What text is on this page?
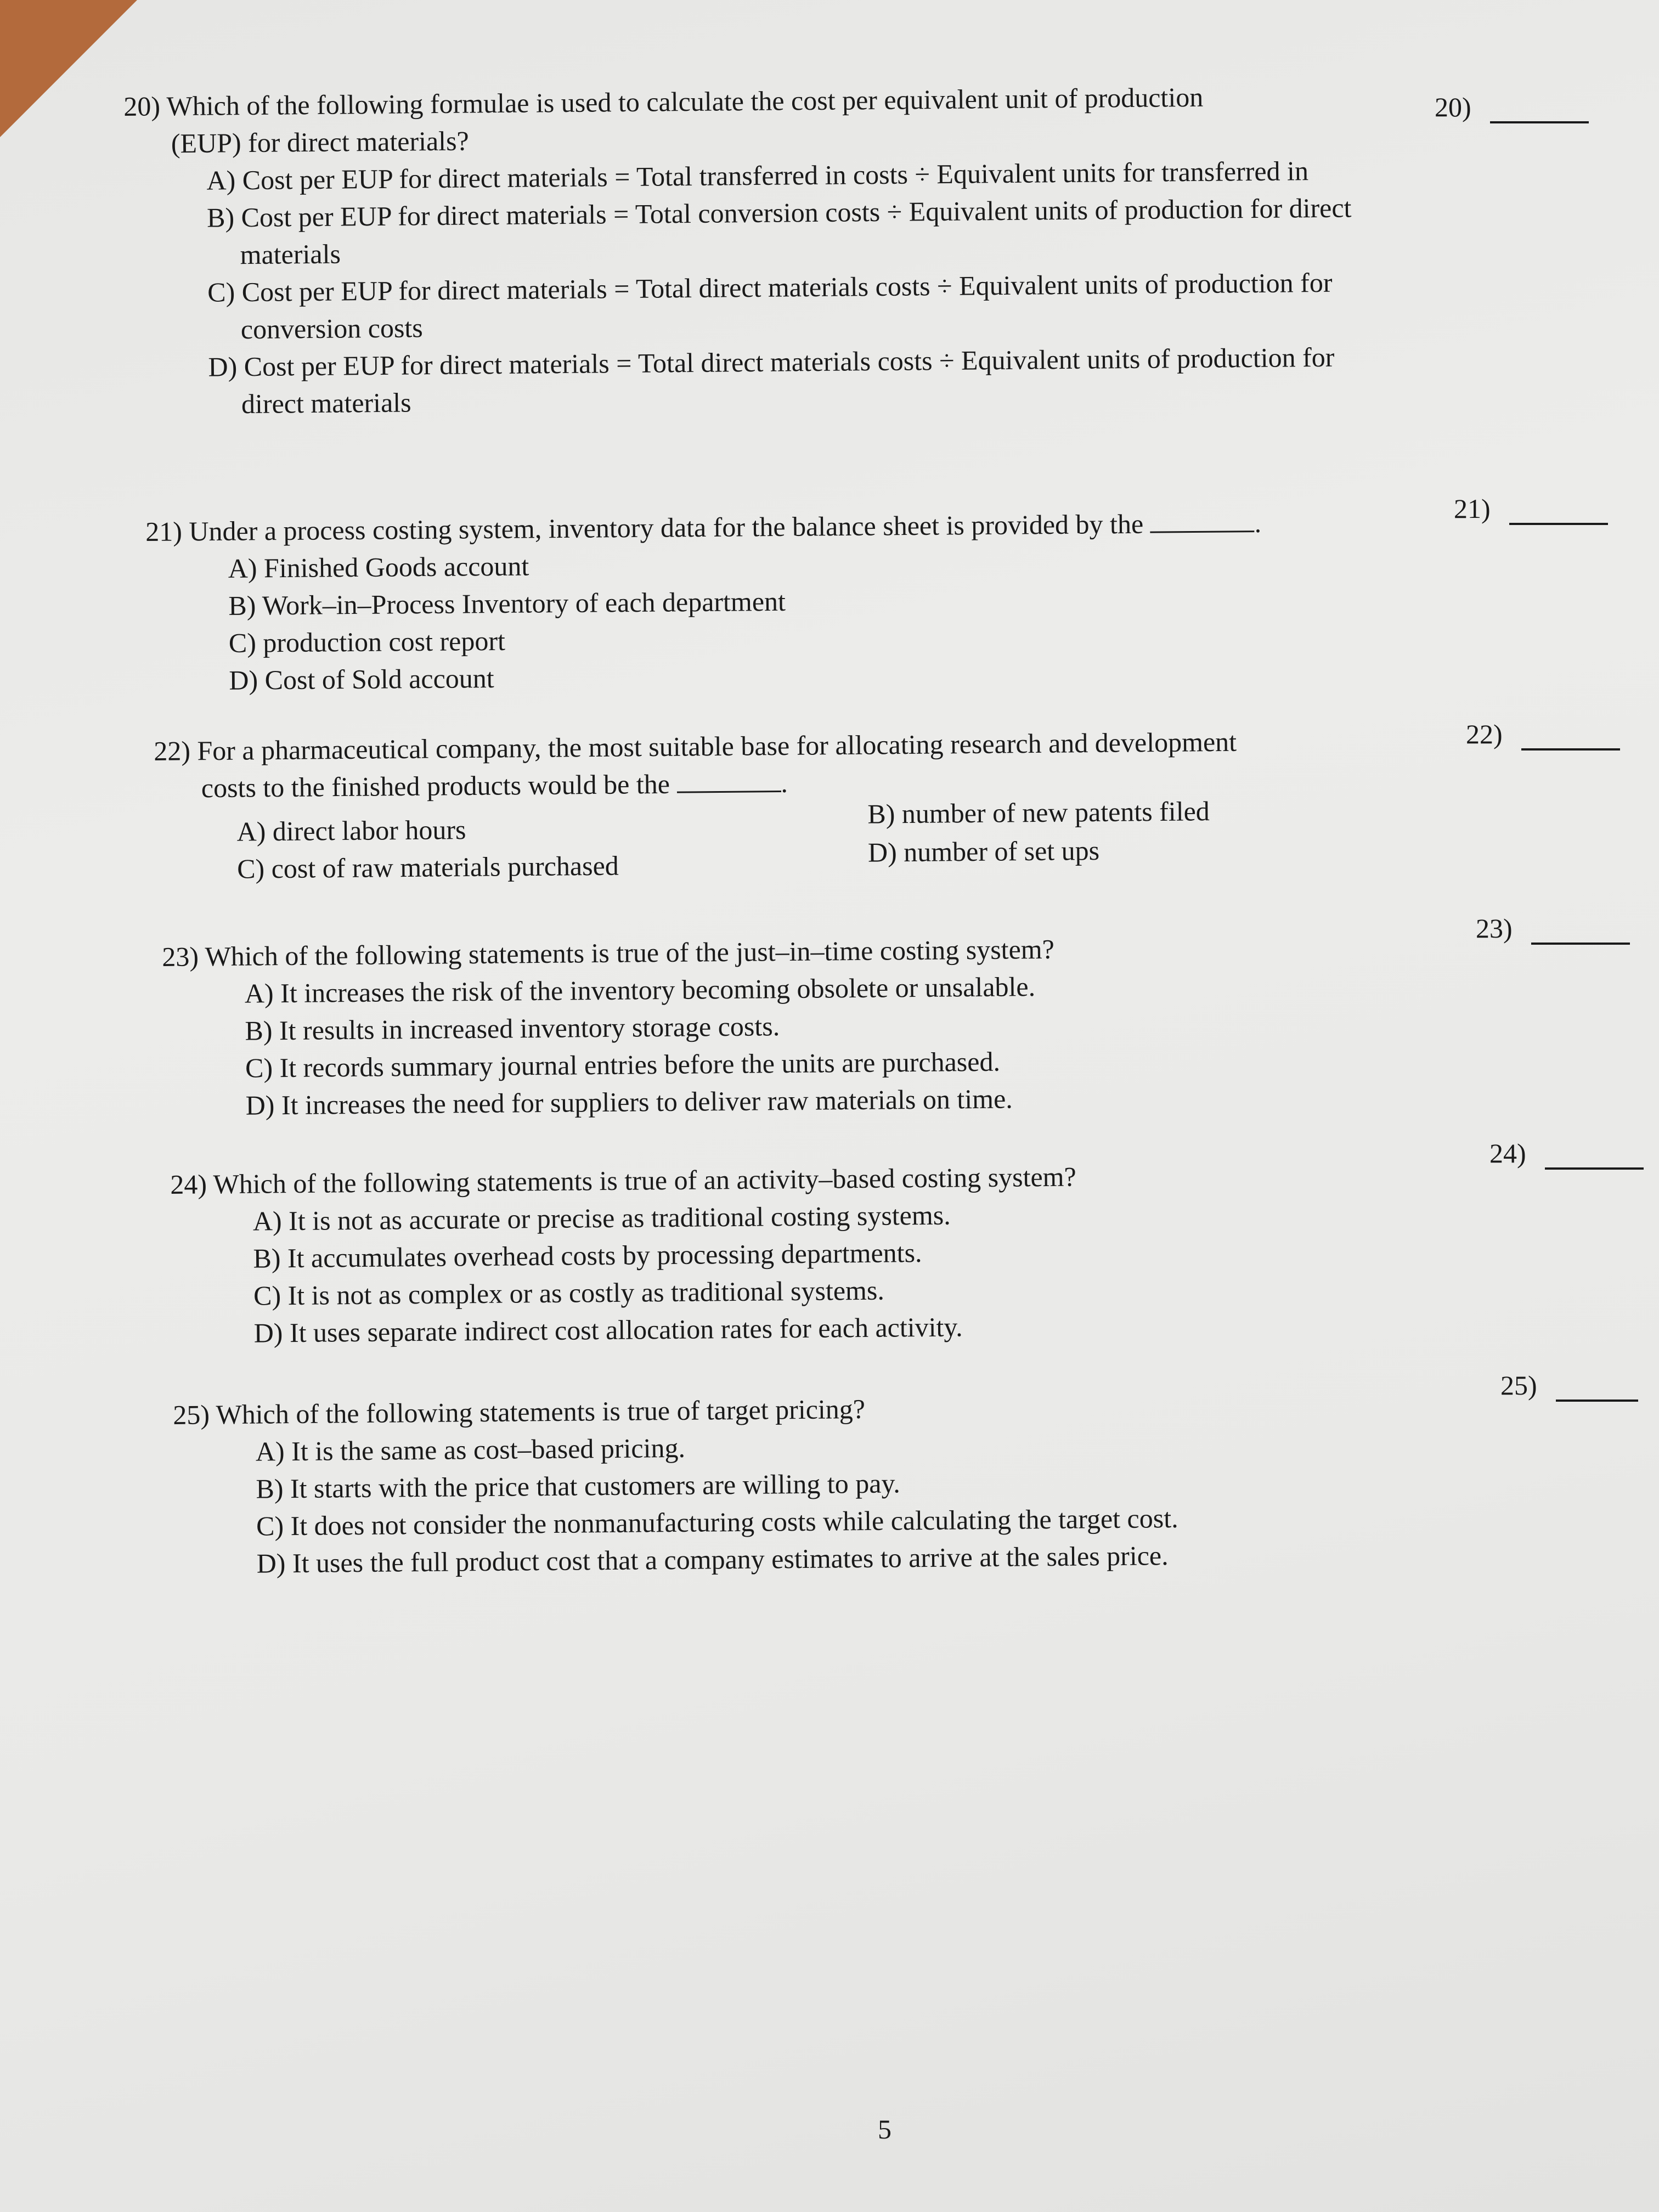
20) Which of the following formulae is used to calculate the cost per equivalent unit of production
(EUP) for direct materials?

A) Cost per EUP for direct materials = Total transferred in costs ÷ Equivalent units for transferred in

B) Cost per EUP for direct materials = Total conversion costs ÷ Equivalent units of production for direct materials

C) Cost per EUP for direct materials = Total direct materials costs ÷ Equivalent units of production for conversion costs

D) Cost per EUP for direct materials = Total direct materials costs ÷ Equivalent units of production for direct materials

20)

21) Under a process costing system, inventory data for the balance sheet is provided by the	.

A) Finished Goods account

B) Work–in–Process Inventory of each department

C) production cost report

D) Cost of Sold account

21)

22) For a pharmaceutical company, the most suitable base for allocating research and development
costs to the finished products would be the	.

A) direct labor hours

B) number of new patents filed

C) cost of raw materials purchased	D) number of set ups

22)

23) Which of the following statements is true of the just–in–time costing system?

A) It increases the risk of the inventory becoming obsolete or unsalable.

B) It results in increased inventory storage costs.

C) It records summary journal entries before the units are purchased.

D) It increases the need for suppliers to deliver raw materials on time.

23)

24) Which of the following statements is true of an activity–based costing system?

A) It is not as accurate or precise as traditional costing systems.

B) It accumulates overhead costs by processing departments.

C) It is not as complex or as costly as traditional systems.

D) It uses separate indirect cost allocation rates for each activity.

24)

25) Which of the following statements is true of target pricing?

A) It is the same as cost–based pricing.

B) It starts with the price that customers are willing to pay.

C) It does not consider the nonmanufacturing costs while calculating the target cost.

D) It uses the full product cost that a company estimates to arrive at the sales price.

25)
5
